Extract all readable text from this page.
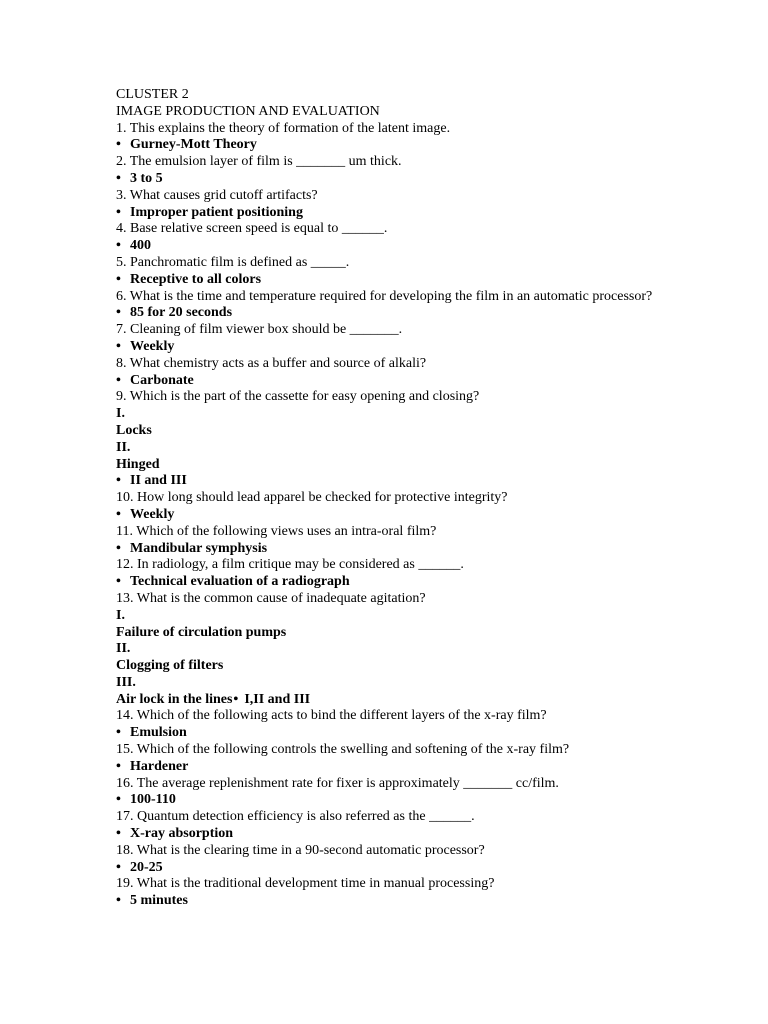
CLUSTER 2
IMAGE PRODUCTION AND EVALUATION
1. This explains the theory of formation of the latent image.
• Gurney-Mott Theory
2. The emulsion layer of film is _______ um thick.
• 3 to 5
3. What causes grid cutoff artifacts?
• Improper patient positioning
4. Base relative screen speed is equal to ______.
• 400
5. Panchromatic film is defined as _____.
• Receptive to all colors
6. What is the time and temperature required for developing the film in an automatic processor?
• 85 for 20 seconds
7. Cleaning of film viewer box should be _______.
• Weekly
8. What chemistry acts as a buffer and source of alkali?
• Carbonate
9. Which is the part of the cassette for easy opening and closing?
I.
Locks
II.
Hinged
• II and III
10. How long should lead apparel be checked for protective integrity?
• Weekly
11. Which of the following views uses an intra-oral film?
• Mandibular symphysis
12. In radiology, a film critique may be considered as ______.
• Technical evaluation of a radiograph
13. What is the common cause of inadequate agitation?
I.
Failure of circulation pumps
II.
Clogging of filters
III.
Air lock in the lines• I,II and III
14. Which of the following acts to bind the different layers of the x-ray film?
• Emulsion
15. Which of the following controls the swelling and softening of the x-ray film?
• Hardener
16. The average replenishment rate for fixer is approximately _______ cc/film.
• 100-110
17. Quantum detection efficiency is also referred as the ______.
• X-ray absorption
18. What is the clearing time in a 90-second automatic processor?
• 20-25
19. What is the traditional development time in manual processing?
• 5 minutes
